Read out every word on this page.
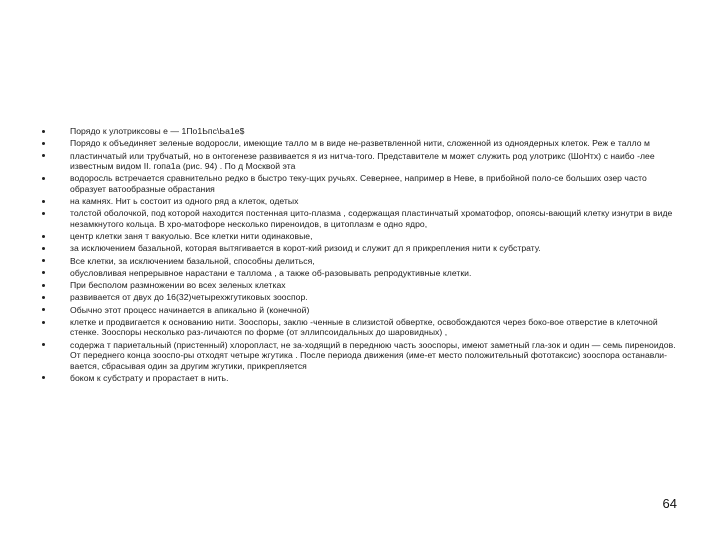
Порядо к улотриксовы е — 1По1Ьпс\Ьа1е$
Порядо к объединяет зеленые водоросли, имеющие талло м в виде не-разветвленной нити, сложенной из одноядерных клеток. Реж е талло м
пластинчатый или трубчатый, но в онтогенезе развивается я из нитча-того. Представителе м может служить род улотрикс (ШоНтх) с наибо -лее известным видом II. гопа1а (рис. 94) . По д Москвой эта
водоросль встречается сравнительно редко в быстро теку-щих ручьях. Севернее, например в Неве, в прибойной поло-се больших озер часто образует ватообразные обрастания
на камнях. Нит ь состоит из одного ряд а клеток, одетых
толстой оболочкой, под которой находится постенная цито-плазма , содержащая пластинчатый хроматофор, опоясы-вающий клетку изнутри в виде незамкнутого кольца. В хро-матофоре несколько пиреноидов, в цитоплазм е одно ядро,
центр клетки заня т вакуолью. Все клетки нити одинаковые,
за исключением базальной, которая вытягивается в корот-кий ризоид и служит дл я прикрепления нити к субстрату.
Все клетки, за исключением базальной, способны делиться,
обусловливая непрерывное нарастани е таллома , а также об-разовывать репродуктивные клетки.
При бесполом размножении во всех зеленых клетках
развивается от двух до 16(32)четырехжгутиковых зооспор.
Обычно этот процесс начинается в апикально й (конечной)
клетке и продвигается к основанию нити. Зооспоры, заклю -ченные в слизистой обвертке, освобождаются через боко-вое отверстие в клеточной стенке. Зооспоры несколько раз-личаются по форме (от эллипсоидальных до шаровидных) ,
содержа т париетальный (пристенный) хлоропласт, не за-ходящий в переднюю часть зооспоры, имеют заметный гла-зок и один — семь пиреноидов. От переднего конца зооспо-ры отходят четыре жгутика . После периода движения (име-ет место положительный фототаксис) зооспора останавли-вается, сбрасывая один за другим жгутики, прикрепляется
боком к субстрату и прорастает в нить.
64
